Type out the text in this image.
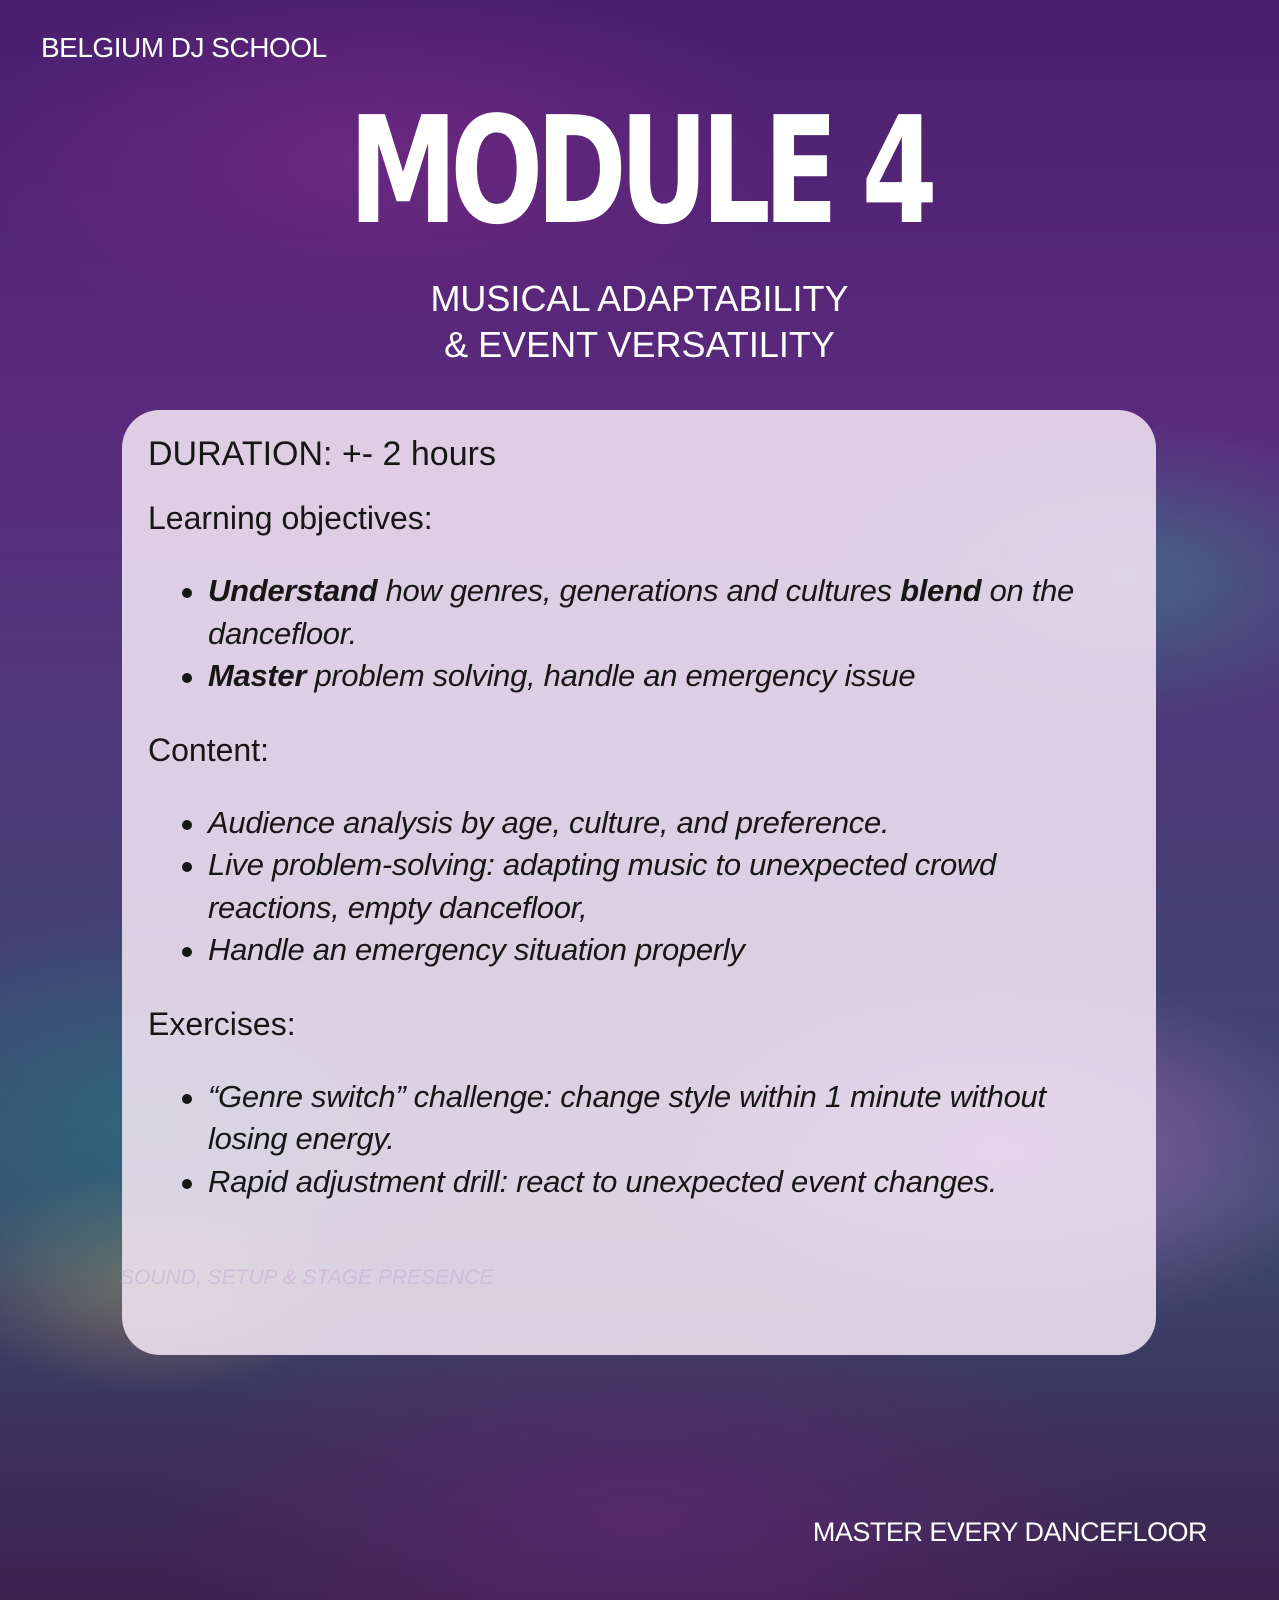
BELGIUM DJ SCHOOL
MODULE 4
MUSICAL ADAPTABILITY
& EVENT VERSATILITY

DURATION: +- 2 hours

Learning objectives:

Understand how genres, generations and cultures blend on the dancefloor.
Master problem solving, handle an emergency issue

Content:

Audience analysis by age, culture, and preference.
Live problem-solving: adapting music to unexpected crowd reactions, empty dancefloor,
Handle an emergency situation properly

Exercises:

“Genre switch” challenge: change style within 1 minute without losing energy.
Rapid adjustment drill: react to unexpected event changes.
SOUND, SETUP & STAGE PRESENCE
MASTER EVERY DANCEFLOOR
